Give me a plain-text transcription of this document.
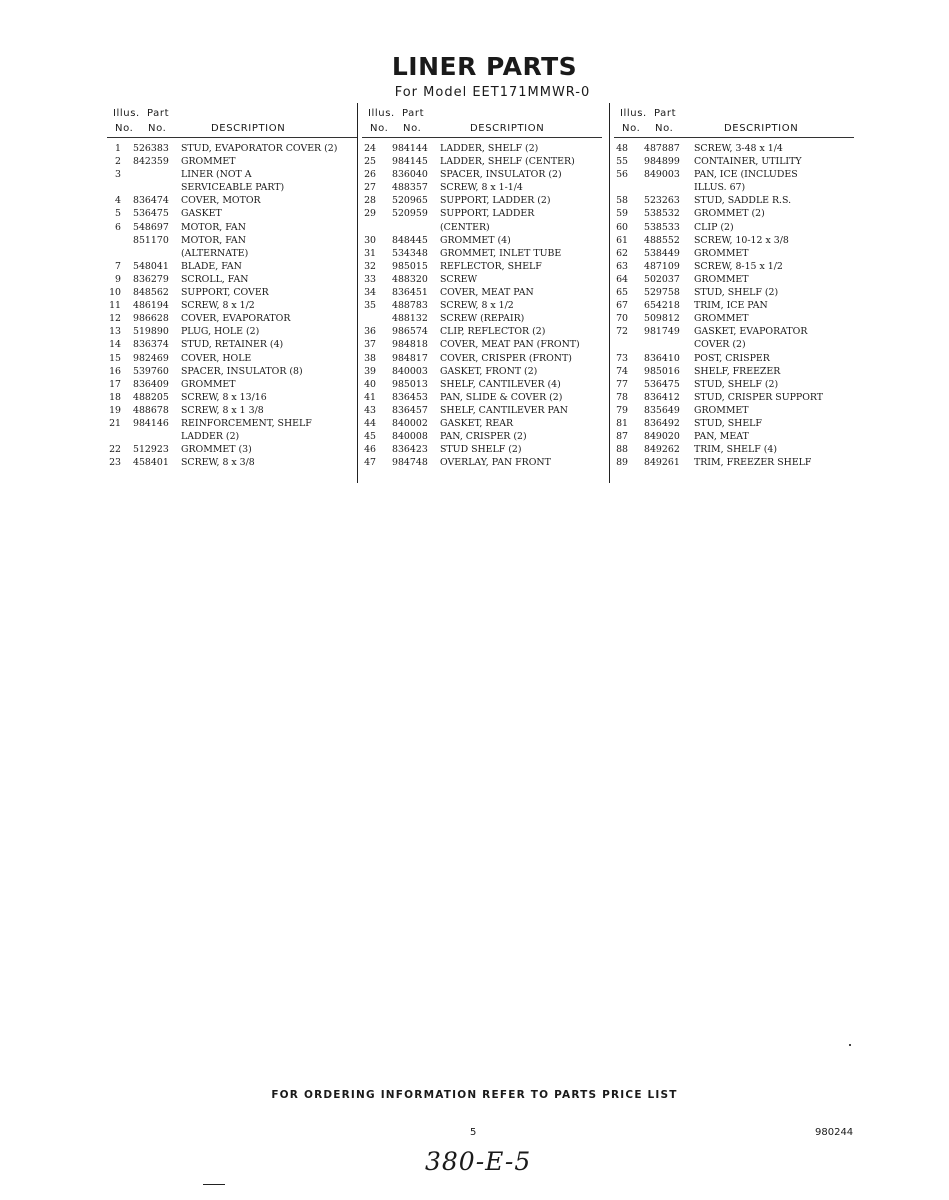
LINER PARTS
For Model EET171MMWR-0
Illus. Part
No. No.	DESCRIPTION
1 526383 STUD, EVAPORATOR COVER (2)
2 842359 GROMMET
3	LINER (NOT A
SERVICEABLE PART)
4 836474 COVER, MOTOR
5 536475 GASKET
6 548697 MOTOR, FAN
851170 MOTOR, FAN
(ALTERNATE)
7 548041 BLADE, FAN
9 836279 SCROLL, FAN
10 848562 SUPPORT, COVER
11 486194 SCREW, 8 x 1/2
12 986628 COVER, EVAPORATOR
13 519890 PLUG, HOLE (2)
14 836374 STUD, RETAINER (4)
15 982469 COVER, HOLE
16 539760 SPACER, INSULATOR (8)
17 836409 GROMMET
18 488205 SCREW, 8 x 13/16
19 488678 SCREW, 8 x 1 3/8
21 984146 REINFORCEMENT, SHELF
LADDER (2)
22 512923 GROMMET (3)
23 458401 SCREW, 8 x 3/8
Illus. Part
No. No.	DESCRIPTION
24 984144 LADDER, SHELF (2)
25 984145 LADDER, SHELF (CENTER)
26 836040 SPACER, INSULATOR (2)
27 488357 SCREW, 8 x 1-1/4
28 520965 SUPPORT, LADDER (2)
29 520959 SUPPORT, LADDER
(CENTER)
30 848445 GROMMET (4)
31 534348 GROMMET, INLET TUBE
32 985015 REFLECTOR, SHELF
33 488320 SCREW
34 836451 COVER, MEAT PAN
35 488783 SCREW, 8 x 1/2
488132 SCREW (REPAIR)
36 986574 CLIP, REFLECTOR (2)
37 984818 COVER, MEAT PAN (FRONT)
38 984817 COVER, CRISPER (FRONT)
39 840003 GASKET, FRONT (2)
40 985013 SHELF, CANTILEVER (4)
41 836453 PAN, SLIDE & COVER (2)
43 836457 SHELF, CANTILEVER PAN
44 840002 GASKET, REAR
45 840008 PAN, CRISPER (2)
46 836423 STUD SHELF (2)
47 984748 OVERLAY, PAN FRONT
Illus. Part
No. No.	DESCRIPTION
48 487887 SCREW, 3-48 x 1/4
55 984899 CONTAINER, UTILITY
56 849003 PAN, ICE (INCLUDES
ILLUS. 67)
58 523263 STUD, SADDLE R.S.
59 538532 GROMMET (2)
60 538533 CLIP (2)
61 488552 SCREW, 10-12 x 3/8
62 538449 GROMMET
63 487109 SCREW, 8-15 x 1/2
64 502037 GROMMET
65 529758 STUD, SHELF (2)
67 654218 TRIM, ICE PAN
70 509812 GROMMET
72 981749 GASKET, EVAPORATOR
COVER (2)
73 836410 POST, CRISPER
74 985016 SHELF, FREEZER
77 536475 STUD, SHELF (2)
78 836412 STUD, CRISPER SUPPORT
79 835649 GROMMET
81 836492 STUD, SHELF
87 849020 PAN, MEAT
88 849262 TRIM, SHELF (4)
89 849261 TRIM, FREEZER SHELF
FOR ORDERING INFORMATION REFER TO PARTS PRICE LIST
5	980244
380-E-5
